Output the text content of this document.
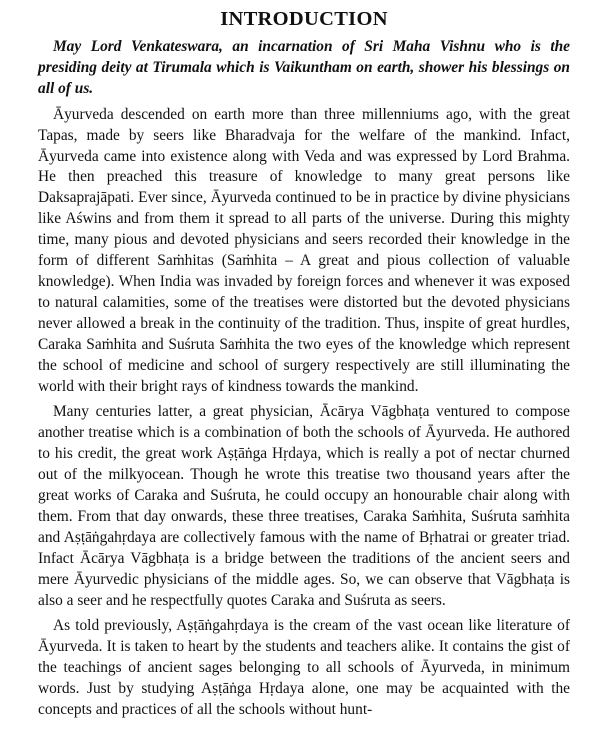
INTRODUCTION

May Lord Venkateswara, an incarnation of Sri Maha Vishnu who is the presiding deity at Tirumala which is Vaikuntham on earth, shower his blessings on all of us.

Āyurveda descended on earth more than three millenniums ago, with the great Tapas, made by seers like Bharadvaja for the welfare of the mankind. Infact, Āyurveda came into existence along with Veda and was expressed by Lord Brahma. He then preached this treasure of knowledge to many great persons like Daksaprajāpati. Ever since, Āyurveda continued to be in practice by divine physicians like Aświns and from them it spread to all parts of the universe. During this mighty time, many pious and devoted physicians and seers recorded their knowledge in the form of different Saṁhitas (Saṁhita – A great and pious collection of valuable knowledge). When India was invaded by foreign forces and whenever it was exposed to natural calamities, some of the treatises were distorted but the devoted physicians never allowed a break in the continuity of the tradition. Thus, inspite of great hurdles, Caraka Saṁhita and Suśruta Saṁhita the two eyes of the knowledge which represent the school of medicine and school of surgery respectively are still illuminating the world with their bright rays of kindness towards the mankind.

Many centuries latter, a great physician, Ācārya Vāgbhaṭa ventured to compose another treatise which is a combination of both the schools of Āyurveda. He authored to his credit, the great work Aṣṭāṅga Hṛdaya, which is really a pot of nectar churned out of the milkyocean. Though he wrote this treatise two thousand years after the great works of Caraka and Suśruta, he could occupy an honourable chair along with them. From that day onwards, these three treatises, Caraka Saṁhita, Suśruta saṁhita and Aṣṭāṅgahṛdaya are collectively famous with the name of Bṛhatrai or greater triad. Infact Ācārya Vāgbhaṭa is a bridge between the traditions of the ancient seers and mere Āyurvedic physicians of the middle ages. So, we can observe that Vāgbhaṭa is also a seer and he respectfully quotes Caraka and Suśruta as seers.

As told previously, Aṣṭāṅgahṛdaya is the cream of the vast ocean like literature of Āyurveda. It is taken to heart by the students and teachers alike. It contains the gist of the teachings of ancient sages belonging to all schools of Āyurveda, in minimum words. Just by studying Aṣṭāṅga Hṛdaya alone, one may be acquainted with the concepts and practices of all the schools without hunt-
